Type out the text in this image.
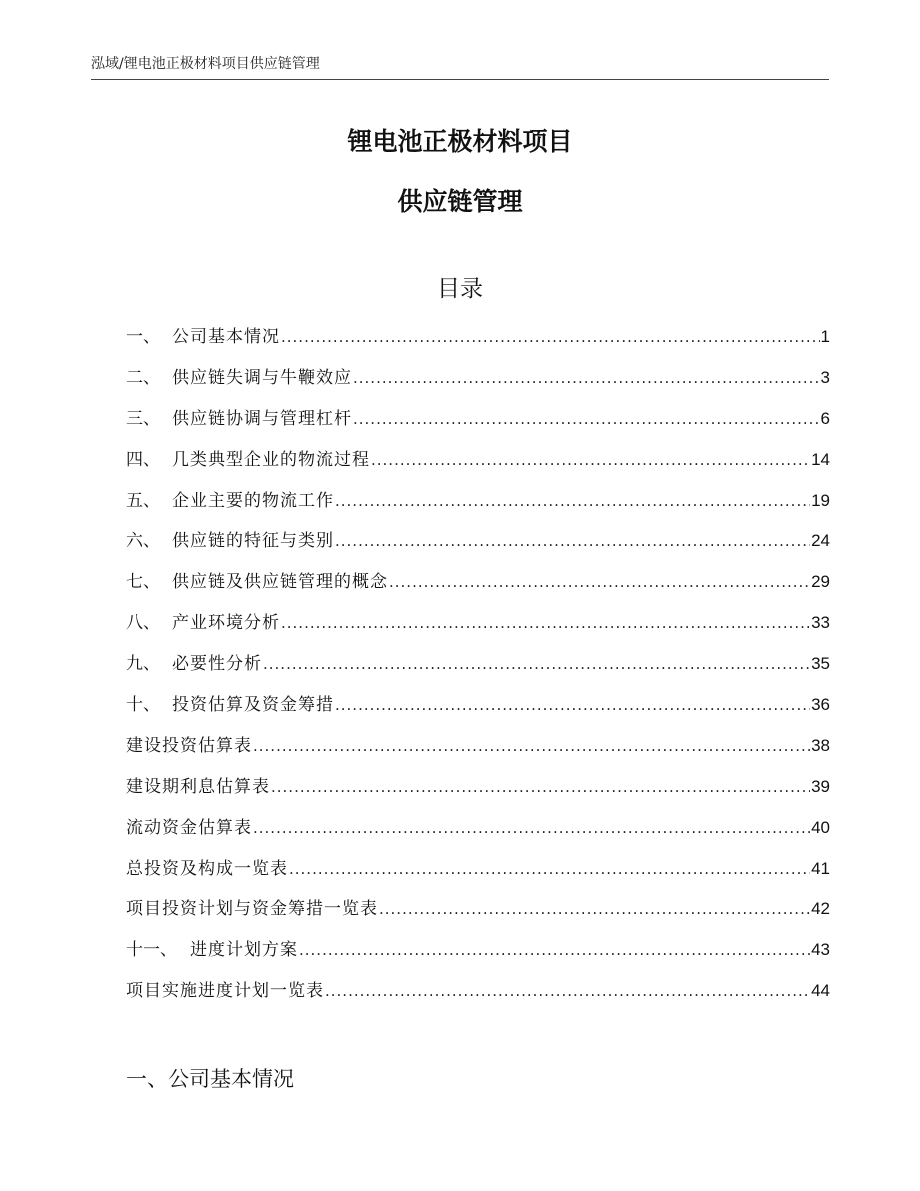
泓域/锂电池正极材料项目供应链管理
锂电池正极材料项目
供应链管理
目录
一、 公司基本情况 .....	1
二、 供应链失调与牛鞭效应 .....	3
三、 供应链协调与管理杠杆 .....	6
四、 几类典型企业的物流过程 .....	14
五、 企业主要的物流工作 .....	19
六、 供应链的特征与类别 .....	24
七、 供应链及供应链管理的概念 .....	29
八、 产业环境分析 .....	33
九、 必要性分析 .....	35
十、 投资估算及资金筹措 .....	36
建设投资估算表 .....	38
建设期利息估算表 .....	39
流动资金估算表 .....	40
总投资及构成一览表 .....	41
项目投资计划与资金筹措一览表 .....	42
十一、 进度计划方案 .....	43
项目实施进度计划一览表 .....	44
一、公司基本情况
